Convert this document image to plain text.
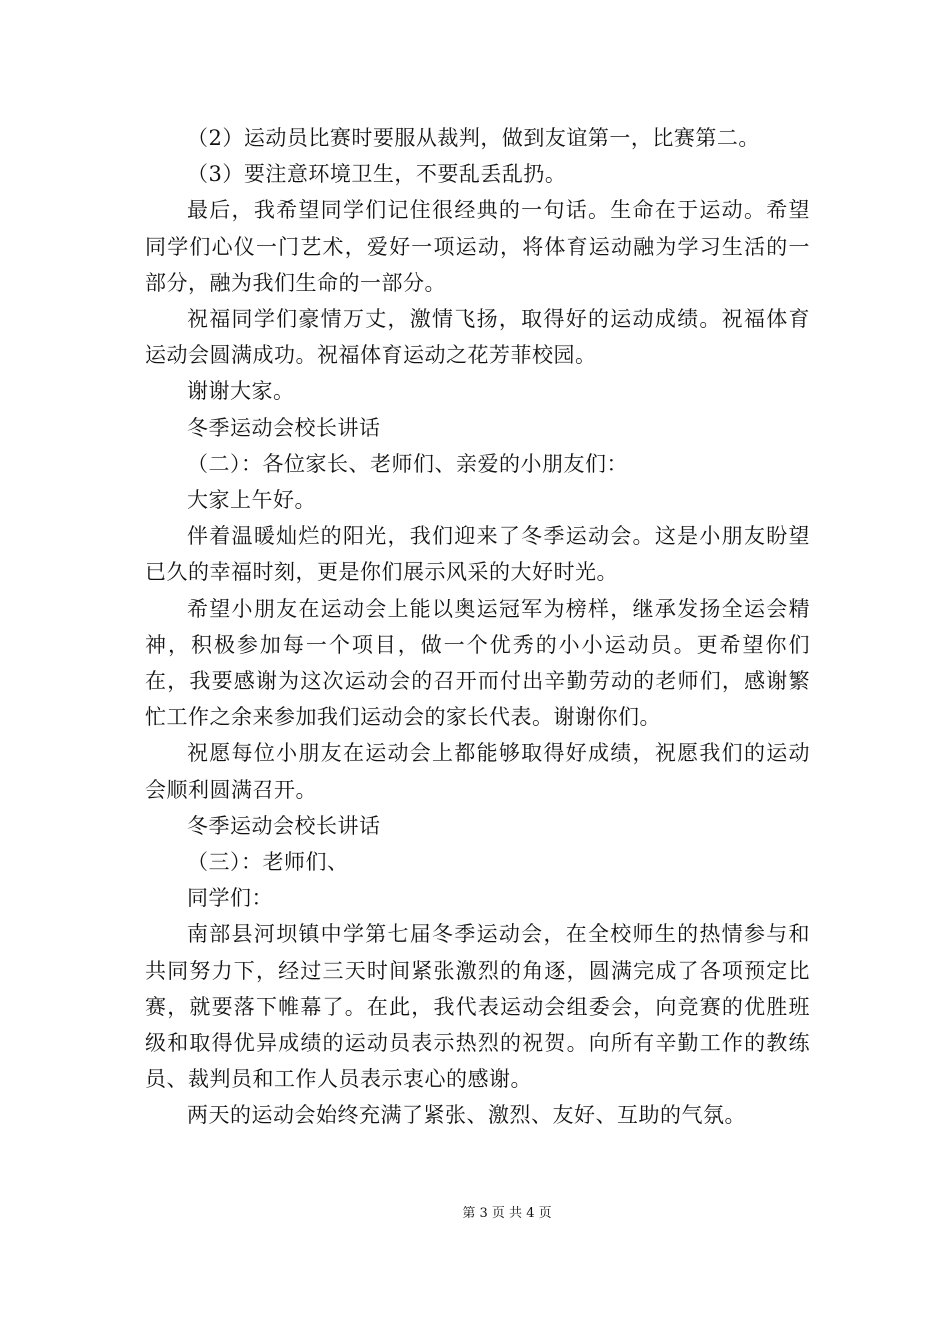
（2）运动员比赛时要服从裁判，做到友谊第一，比赛第二。

（3）要注意环境卫生，不要乱丢乱扔。

最后，我希望同学们记住很经典的一句话。生命在于运动。希望同学们心仪一门艺术，爱好一项运动，将体育运动融为学习生活的一部分，融为我们生命的一部分。

祝福同学们豪情万丈，激情飞扬，取得好的运动成绩。祝福体育运动会圆满成功。祝福体育运动之花芳菲校园。

谢谢大家。

冬季运动会校长讲话

（二）：各位家长、老师们、亲爱的小朋友们：

大家上午好。

伴着温暖灿烂的阳光，我们迎来了冬季运动会。这是小朋友盼望已久的幸福时刻，更是你们展示风采的大好时光。

希望小朋友在运动会上能以奥运冠军为榜样，继承发扬全运会精神，积极参加每一个项目，做一个优秀的小小运动员。更希望你们在，我要感谢为这次运动会的召开而付出辛勤劳动的老师们，感谢繁忙工作之余来参加我们运动会的家长代表。谢谢你们。

祝愿每位小朋友在运动会上都能够取得好成绩，祝愿我们的运动会顺利圆满召开。

冬季运动会校长讲话

（三）：老师们、

同学们：

南部县河坝镇中学第七届冬季运动会，在全校师生的热情参与和共同努力下，经过三天时间紧张激烈的角逐，圆满完成了各项预定比赛，就要落下帷幕了。在此，我代表运动会组委会，向竞赛的优胜班级和取得优异成绩的运动员表示热烈的祝贺。向所有辛勤工作的教练员、裁判员和工作人员表示衷心的感谢。

两天的运动会始终充满了紧张、激烈、友好、互助的气氛。

第 3 页 共 4 页
